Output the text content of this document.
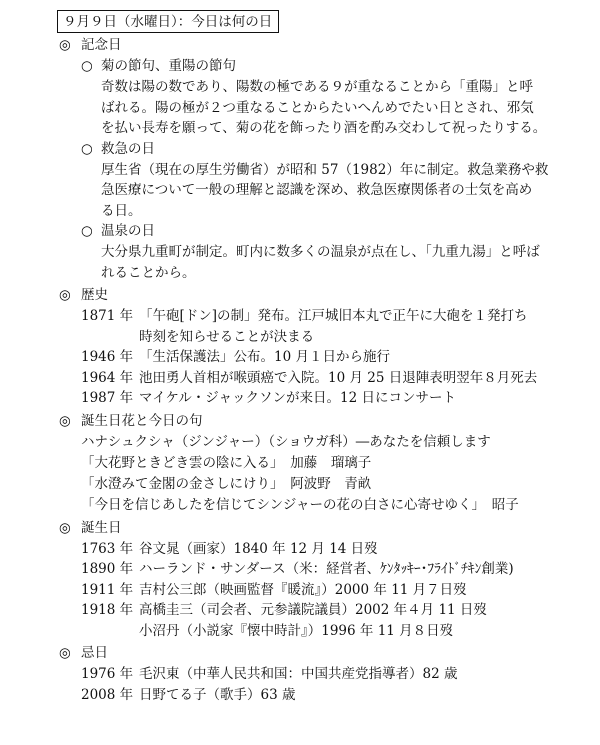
９月９日（水曜日）：今日は何の日
◎ 記念日
○ 菊の節句、重陽の節句
奇数は陽の数であり、陽数の極である９が重なることから「重陽」と呼
ばれる。陽の極が２つ重なることからたいへんめでたい日とされ、邪気
を払い長寿を願って、菊の花を飾ったり酒を酌み交わして祝ったりする。
○ 救急の日
厚生省（現在の厚生労働省）が昭和 57（1982）年に制定。救急業務や救
急医療について一般の理解と認識を深め、救急医療関係者の士気を高め
る日。
○ 温泉の日
大分県九重町が制定。町内に数多くの温泉が点在し、「九重九湯」と呼ば
れることから。
◎ 歴史
1871 年 「午砲[ドン]の制」発布。江戸城旧本丸で正午に大砲を１発打ち
時刻を知らせることが決まる
1946 年 「生活保護法」公布。10 月１日から施行
1964 年 池田勇人首相が喉頭癌で入院。10 月 25 日退陣表明翌年８月死去
1987 年 マイケル・ジャックソンが来日。12 日にコンサート
◎ 誕生日花と今日の句
ハナシュクシャ（ジンジャー）（ショウガ科）―あなたを信頼します
「大花野ときどき雲の陰に入る」　加藤　瑠璃子
「水澄みて金閣の金さしにけり」　阿波野　青畝
「今日を信じあしたを信じてシンジャーの花の白さに心寄せゆく」　昭子
◎ 誕生日
1763 年 谷文晁（画家）1840 年 12 月 14 日歿
1890 年 ハーランド・サンダース（米：経営者、ｹﾝﾀｯｷｰ･ﾌﾗｲﾄﾞﾁｷﾝ創業)
1911 年 吉村公三郎（映画監督『暖流』）2000 年 11 月７日歿
1918 年 高橋圭三（司会者、元参議院議員）2002 年４月 11 日歿
小沼丹（小説家『懐中時計』）1996 年 11 月８日歿
◎ 忌日
1976 年 毛沢東（中華人民共和国：中国共産党指導者）82 歳
2008 年 日野てる子（歌手）63 歳
